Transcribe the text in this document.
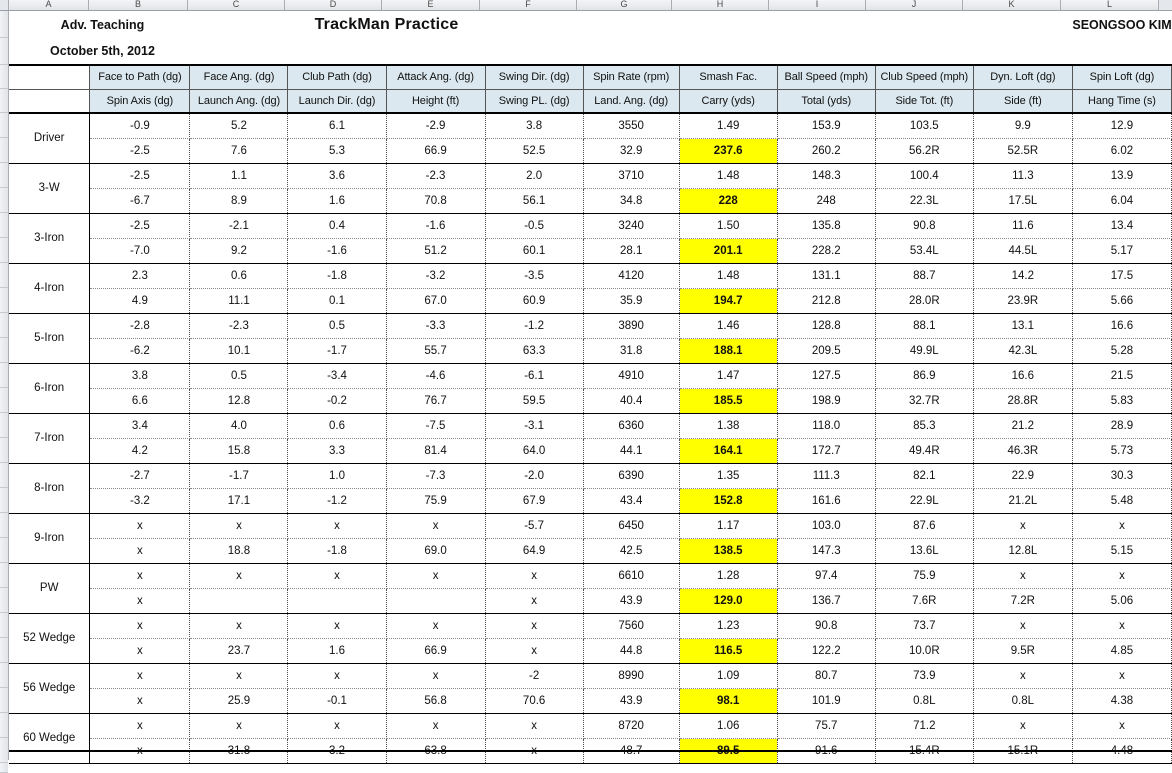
A	B	C	D	E	F	G	H	I	J	K	L
Adv. Teaching			TrackMan Practice								SEONGSOO KIM
October 5th, 2012											
	Face to Path (dg)	Face Ang. (dg)	Club Path (dg)	Attack Ang. (dg)	Swing Dir. (dg)	Spin Rate (rpm)	Smash Fac.	Ball Speed (mph)	Club Speed (mph)	Dyn. Loft (dg)	Spin Loft (dg)
	Spin Axis (dg)	Launch Ang. (dg)	Launch Dir. (dg)	Height (ft)	Swing PL. (dg)	Land. Ang. (dg)	Carry (yds)	Total (yds)	Side Tot. (ft)	Side (ft)	Hang Time (s)
Driver	-0.9	5.2	6.1	-2.9	3.8	3550	1.49	153.9	103.5	9.9	12.9
	-2.5	7.6	5.3	66.9	52.5	32.9	237.6	260.2	56.2R	52.5R	6.02
3-W	-2.5	1.1	3.6	-2.3	2.0	3710	1.48	148.3	100.4	11.3	13.9
	-6.7	8.9	1.6	70.8	56.1	34.8	228	248	22.3L	17.5L	6.04
3-Iron	-2.5	-2.1	0.4	-1.6	-0.5	3240	1.50	135.8	90.8	11.6	13.4
	-7.0	9.2	-1.6	51.2	60.1	28.1	201.1	228.2	53.4L	44.5L	5.17
4-Iron	2.3	0.6	-1.8	-3.2	-3.5	4120	1.48	131.1	88.7	14.2	17.5
	4.9	11.1	0.1	67.0	60.9	35.9	194.7	212.8	28.0R	23.9R	5.66
5-Iron	-2.8	-2.3	0.5	-3.3	-1.2	3890	1.46	128.8	88.1	13.1	16.6
	-6.2	10.1	-1.7	55.7	63.3	31.8	188.1	209.5	49.9L	42.3L	5.28
6-Iron	3.8	0.5	-3.4	-4.6	-6.1	4910	1.47	127.5	86.9	16.6	21.5
	6.6	12.8	-0.2	76.7	59.5	40.4	185.5	198.9	32.7R	28.8R	5.83
7-Iron	3.4	4.0	0.6	-7.5	-3.1	6360	1.38	118.0	85.3	21.2	28.9
	4.2	15.8	3.3	81.4	64.0	44.1	164.1	172.7	49.4R	46.3R	5.73
8-Iron	-2.7	-1.7	1.0	-7.3	-2.0	6390	1.35	111.3	82.1	22.9	30.3
	-3.2	17.1	-1.2	75.9	67.9	43.4	152.8	161.6	22.9L	21.2L	5.48
9-Iron	x	x	x	x	-5.7	6450	1.17	103.0	87.6	x	x
	x	18.8	-1.8	69.0	64.9	42.5	138.5	147.3	13.6L	12.8L	5.15
PW	x	x	x	x	x	6610	1.28	97.4	75.9	x	x
	x				x	43.9	129.0	136.7	7.6R	7.2R	5.06
52 Wedge	x	x	x	x	x	7560	1.23	90.8	73.7	x	x
	x	23.7	1.6	66.9	x	44.8	116.5	122.2	10.0R	9.5R	4.85
56 Wedge	x	x	x	x	-2	8990	1.09	80.7	73.9	x	x
	x	25.9	-0.1	56.8	70.6	43.9	98.1	101.9	0.8L	0.8L	4.38
60 Wedge	x	x	x	x	x	8720	1.06	75.7	71.2	x	x
	x	31.8	3.2	63.8	x	48.7	89.5	91.6	15.4R	15.1R	4.48
